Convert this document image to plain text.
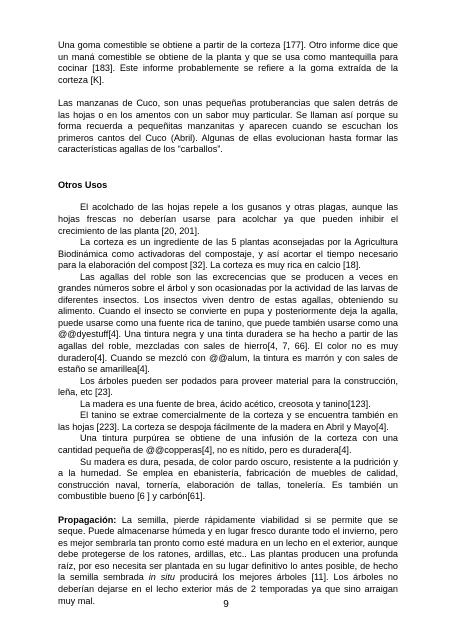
Una goma comestible se obtiene a partir de la corteza [177]. Otro informe dice que un maná comestible se obtiene de la planta y que se usa como mantequilla para cocinar [183]. Este informe probablemente se refiere a la goma extraída de la corteza [K].

Las manzanas de Cuco, son unas pequeñas protuberancias que salen detrás de las hojas o en los amentos con un sabor muy particular. Se llaman así porque su forma recuerda a pequeñitas manzanitas y aparecen cuando se escuchan los primeros cantos del Cuco (Abril). Algunas de ellas evolucionan hasta formar las características agallas de los “carballos”.

Otros Usos

El acolchado de las hojas repele a los gusanos y otras plagas, aunque las hojas frescas no deberían usarse para acolchar ya que pueden inhibir el crecimiento de las planta [20, 201].

La corteza es un ingrediente de las 5 plantas aconsejadas por la Agricultura Biodinámica como activadoras del compostaje, y así acortar el tiempo necesario para la elaboración del compost [32]. La corteza es muy rica en calcio [18].

Las agallas del roble son las excrecencias que se producen a veces en grandes números sobre el árbol y son ocasionadas por la actividad de las larvas de diferentes insectos. Los insectos viven dentro de estas agallas, obteniendo su alimento. Cuando el insecto se convierte en pupa y posteriormente deja la agalla, puede usarse como una fuente rica de tanino, que puede también usarse como una @@dyestuff[4]. Una tintura negra y una tinta duradera se ha hecho a partir de las agallas del roble, mezcladas con sales de hierro[4, 7, 66]. El color no es muy duradero[4]. Cuando se mezcló con @@alum, la tintura es marrón y con sales de estaño se amarillea[4].

Los árboles pueden ser podados para proveer material para la construcción, leña, etc [23].

La madera es una fuente de brea, ácido acético, creosota y tanino[123].

El tanino se extrae comercialmente de la corteza y se encuentra también en las hojas [223]. La corteza se despoja fácilmente de la madera en Abril y Mayo[4].

Una tintura purpúrea se obtiene de una infusión de la corteza con una cantidad pequeña de @@copperas[4], no es nítido, pero es duradera[4].

Su madera es dura, pesada, de color pardo oscuro, resistente a la pudrición y a la humedad. Se emplea en ebanistería, fabricación de muebles de calidad, construcción naval, tornería, elaboración de tallas, tonelería. Es también un combustible bueno [6 ] y carbón[61].

Propagación: La semilla, pierde rápidamente viabilidad si se permite que se seque. Puede almacenarse húmeda y en lugar fresco durante todo el invierno, pero es mejor sembrarla tan pronto como esté madura en un lecho en el exterior, aunque debe protegerse de los ratones, ardillas, etc.. Las plantas producen una profunda raíz, por eso necesita ser plantada en su lugar definitivo lo antes posible, de hecho la semilla sembrada in situ producirá los mejores árboles [11]. Los árboles no deberían dejarse en el lecho exterior más de 2 temporadas ya que sino arraigan muy mal.	9
